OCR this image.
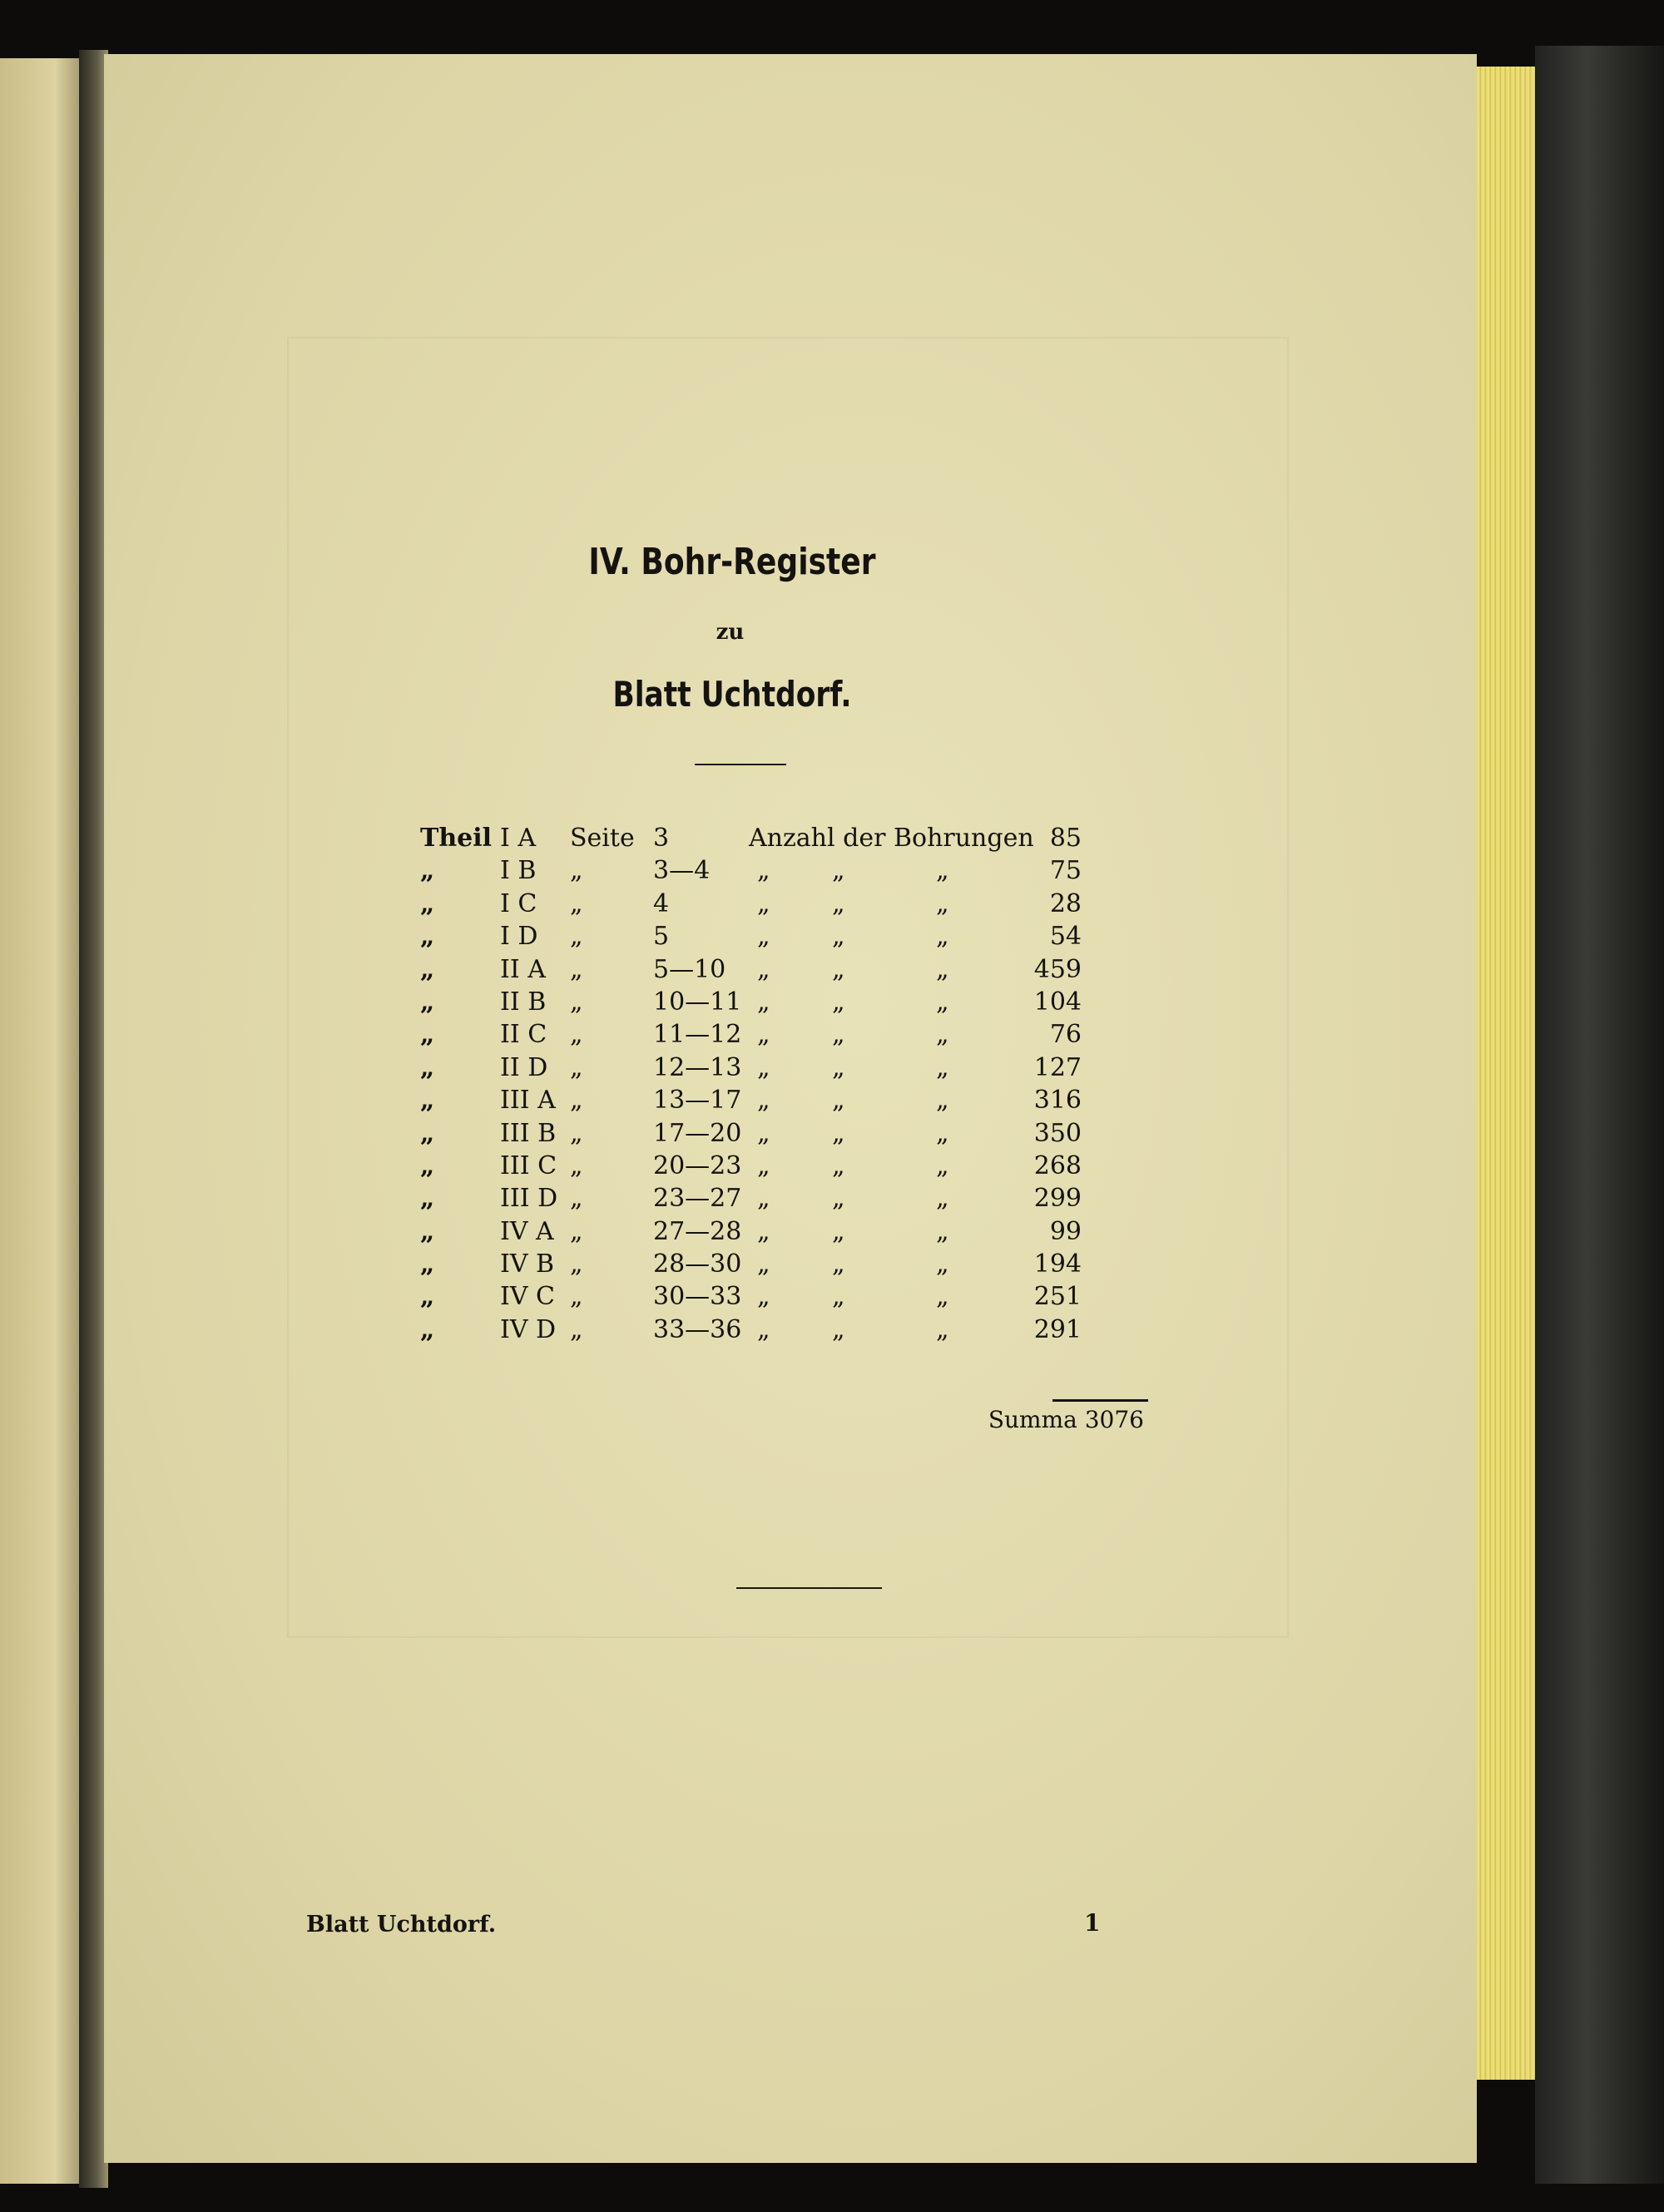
IV. Bohr-Register
zu
Blatt Uchtdorf.
Theil I A	Seite 3	Anzahl der Bohrungen 85
„	I B	„	3—4	„	„	„	75
„	I C	„	4	„	„	„	28
„	I D	„	5	„	„	„	54
„	II A „	5—10	„	„	„	459
„	II B „	10—11 „	„	„	104
„	II C „	11—12 „	„	„	76
„	II D „	12—13 „	„	„	127
„	III A „	13—17 „	„	„	316
„	III B „	17—20 „	„	„	350
„	III C „	20—23 „	„	„	268
„	III D „	23—27 „	„	„	299
„	IV A „	27—28 „	„	„	99
„	IV B „	28—30 „	„	„	194
„	IV C „	30—33 „	„	„	251
„	IV D „	33—36 „	„	„	291
Summa 3076
Blatt Uchtdorf.	1
